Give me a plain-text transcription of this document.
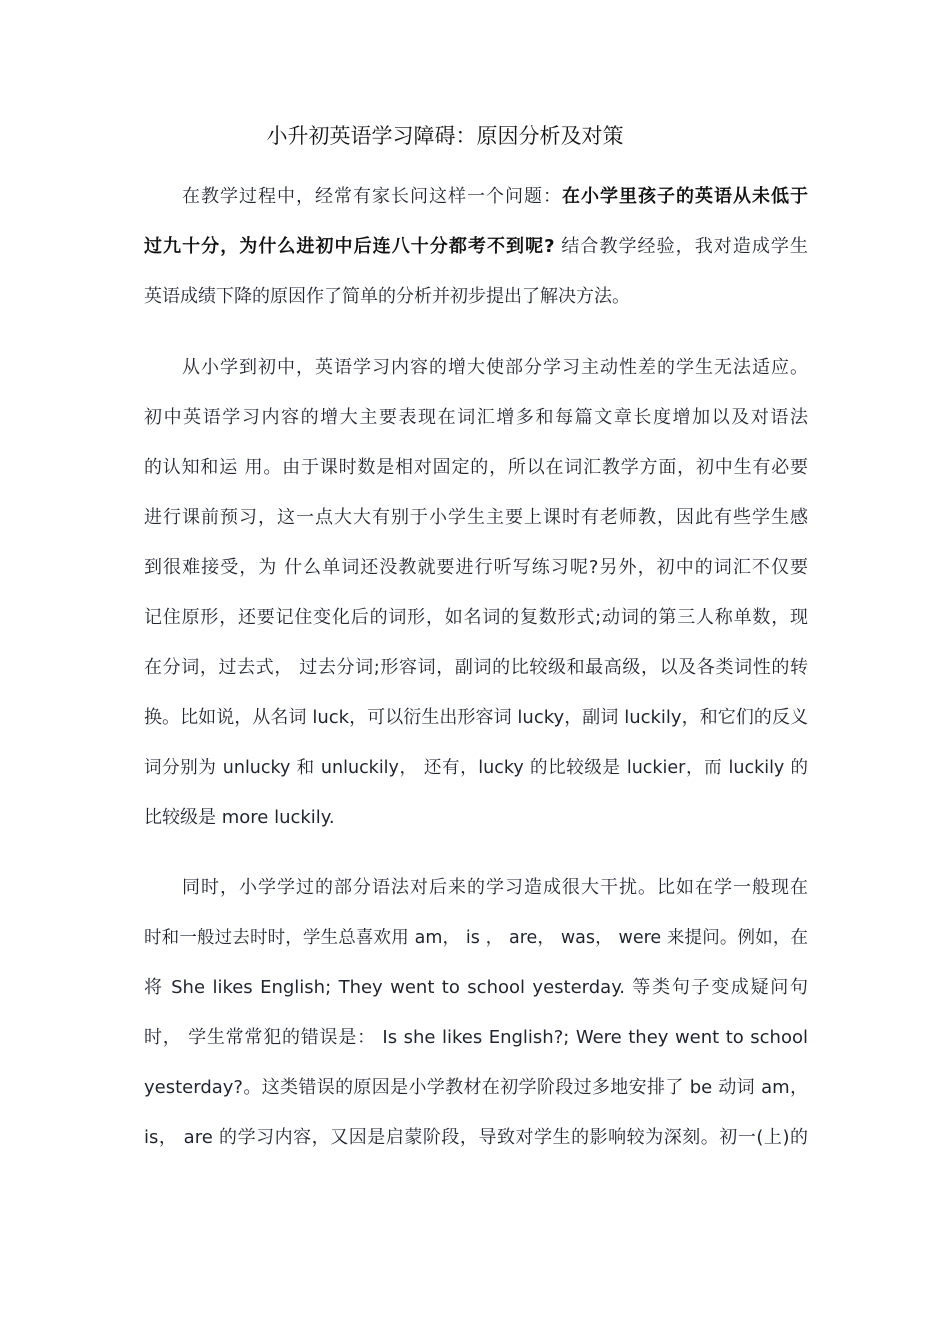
小升初英语学习障碍：原因分析及对策
在教学过程中，经常有家长问这样一个问题：在小学里孩子的英语从未低于
过九十分，为什么进初中后连八十分都考不到呢? 结合教学经验，我对造成学生
英语成绩下降的原因作了简单的分析并初步提出了解决方法。
从小学到初中，英语学习内容的增大使部分学习主动性差的学生无法适应。
初中英语学习内容的增大主要表现在词汇增多和每篇文章长度增加以及对语法
的认知和运 用。由于课时数是相对固定的，所以在词汇教学方面，初中生有必要
进行课前预习，这一点大大有别于小学生主要上课时有老师教，因此有些学生感
到很难接受，为 什么单词还没教就要进行听写练习呢?另外，初中的词汇不仅要
记住原形，还要记住变化后的词形，如名词的复数形式;动词的第三人称单数，现
在分词，过去式， 过去分词;形容词，副词的比较级和最高级，以及各类词性的转
换。比如说，从名词 luck，可以衍生出形容词 lucky，副词 luckily，和它们的反义
词分别为 unlucky 和 unluckily， 还有，lucky 的比较级是 luckier，而 luckily 的
比较级是 more luckily.
同时，小学学过的部分语法对后来的学习造成很大干扰。比如在学一般现在
时和一般过去时时，学生总喜欢用 am， is ， are， was， were 来提问。例如，在
将 She likes English; They went to school yesterday. 等类句子变成疑问句
时， 学生常常犯的错误是： Is she likes English?; Were they went to school
yesterday?。这类错误的原因是小学教材在初学阶段过多地安排了 be 动词 am，
is， are 的学习内容，又因是启蒙阶段，导致对学生的影响较为深刻。初一(上)的
